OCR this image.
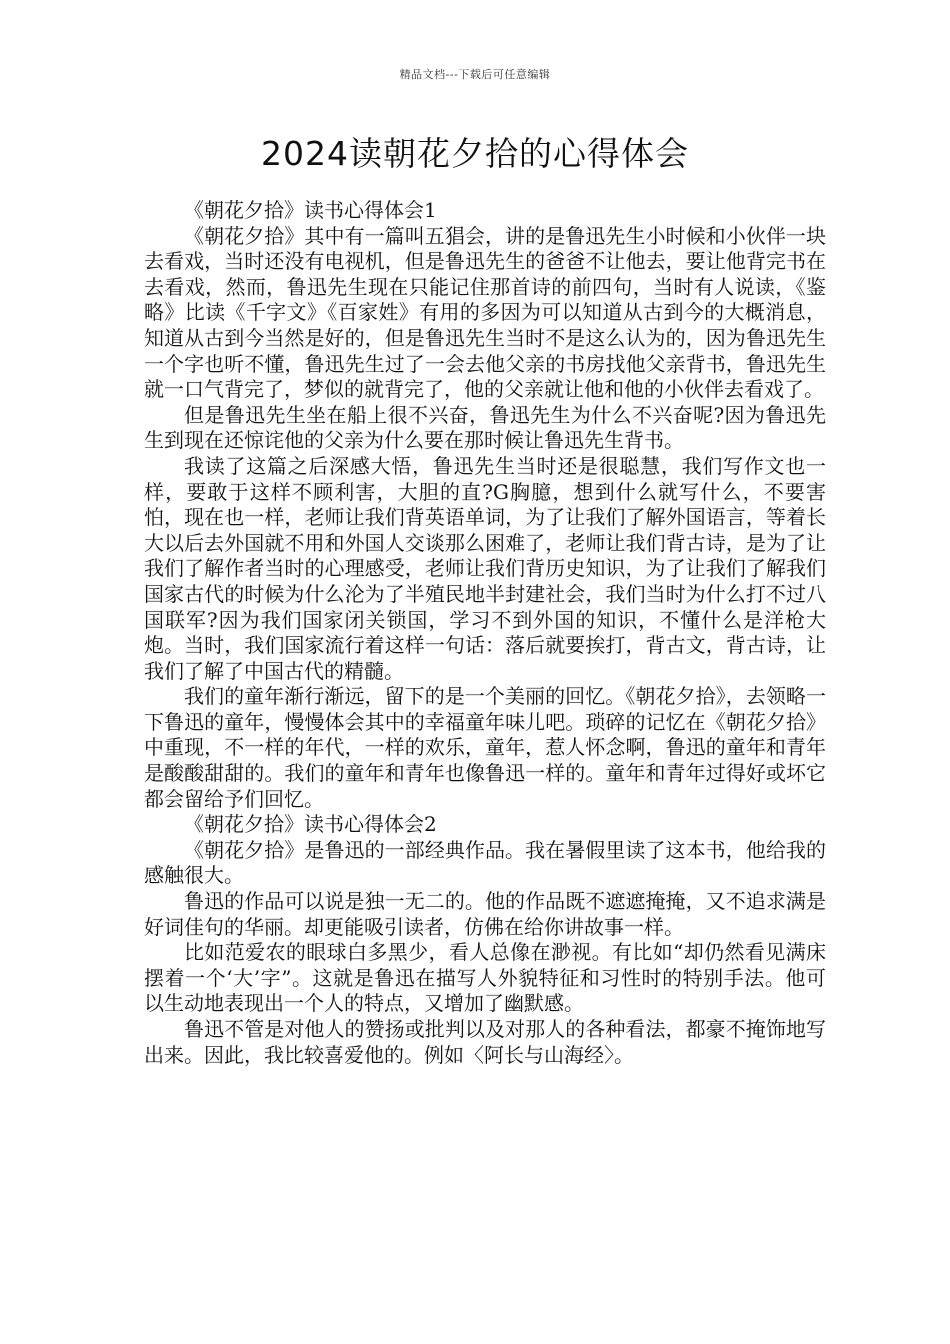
精品文档---下载后可任意编辑
2024读朝花夕拾的心得体会

《朝花夕拾》读书心得体会1

《朝花夕拾》其中有一篇叫五猖会，讲的是鲁迅先生小时候和小伙伴一块去看戏，当时还没有电视机，但是鲁迅先生的爸爸不让他去，要让他背完书在去看戏，然而，鲁迅先生现在只能记住那首诗的前四句，当时有人说读，《鉴略》比读《千字文》《百家姓》有用的多因为可以知道从古到今的大概消息，知道从古到今当然是好的，但是鲁迅先生当时不是这么认为的，因为鲁迅先生一个字也听不懂，鲁迅先生过了一会去他父亲的书房找他父亲背书，鲁迅先生就一口气背完了，梦似的就背完了，他的父亲就让他和他的小伙伴去看戏了。

但是鲁迅先生坐在船上很不兴奋，鲁迅先生为什么不兴奋呢?因为鲁迅先生到现在还惊诧他的父亲为什么要在那时候让鲁迅先生背书。

我读了这篇之后深感大悟，鲁迅先生当时还是很聪慧，我们写作文也一样，要敢于这样不顾利害，大胆的直?G胸臆，想到什么就写什么，不要害怕，现在也一样，老师让我们背英语单词，为了让我们了解外国语言，等着长大以后去外国就不用和外国人交谈那么困难了，老师让我们背古诗，是为了让我们了解作者当时的心理感受，老师让我们背历史知识，为了让我们了解我们国家古代的时候为什么沦为了半殖民地半封建社会，我们当时为什么打不过八国联军?因为我们国家闭关锁国，学习不到外国的知识，不懂什么是洋枪大炮。当时，我们国家流行着这样一句话：落后就要挨打，背古文，背古诗，让我们了解了中国古代的精髓。

我们的童年渐行渐远，留下的是一个美丽的回忆。《朝花夕拾》，去领略一下鲁迅的童年，慢慢体会其中的幸福童年味儿吧。琐碎的记忆在《朝花夕拾》中重现，不一样的年代，一样的欢乐，童年，惹人怀念啊，鲁迅的童年和青年是酸酸甜甜的。我们的童年和青年也像鲁迅一样的。童年和青年过得好或坏它都会留给予们回忆。

《朝花夕拾》读书心得体会2

《朝花夕拾》是鲁迅的一部经典作品。我在暑假里读了这本书，他给我的感触很大。

鲁迅的作品可以说是独一无二的。他的作品既不遮遮掩掩，又不追求满是好词佳句的华丽。却更能吸引读者，仿佛在给你讲故事一样。

比如范爱农的眼球白多黑少，看人总像在渺视。有比如“却仍然看见满床摆着一个‘大’字”。这就是鲁迅在描写人外貌特征和习性时的特别手法。他可以生动地表现出一个人的特点，又增加了幽默感。

鲁迅不管是对他人的赞扬或批判以及对那人的各种看法，都豪不掩饰地写出来。因此，我比较喜爱他的。例如〈阿长与山海经〉。
